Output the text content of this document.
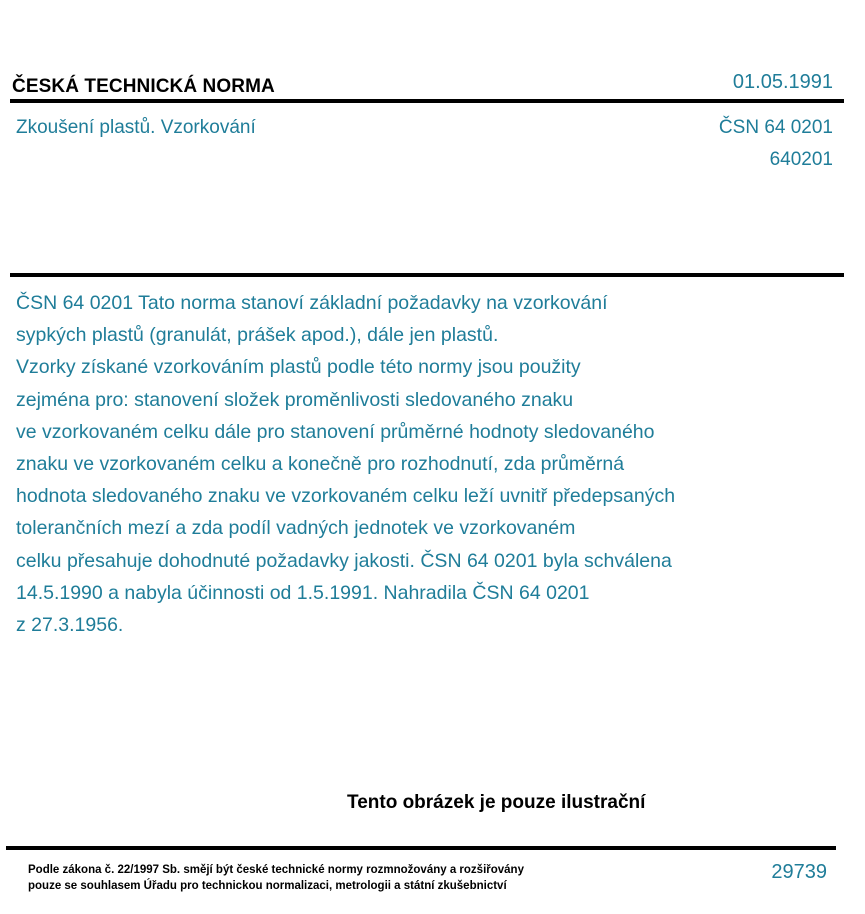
ČESKÁ TECHNICKÁ NORMA	01.05.1991
Zkoušení plastů. Vzorkování	ČSN 64 0201
640201
ČSN 64 0201 Tato norma stanoví základní požadavky na vzorkování
sypkých plastů (granulát, prášek apod.), dále jen plastů.
Vzorky získané vzorkováním plastů podle této normy jsou použity
zejména pro: stanovení složek proměnlivosti sledovaného znaku
ve vzorkovaném celku dále pro stanovení průměrné hodnoty sledovaného
znaku ve vzorkovaném celku a konečně pro rozhodnutí, zda průměrná
hodnota sledovaného znaku ve vzorkovaném celku leží uvnitř předepsaných
tolerančních mezí a zda podíl vadných jednotek ve vzorkovaném
celku přesahuje dohodnuté požadavky jakosti. ČSN 64 0201 byla schválena
14.5.1990 a nabyla účinnosti od 1.5.1991. Nahradila ČSN 64 0201
z 27.3.1956.
Tento obrázek je pouze ilustrační
Podle zákona č. 22/1997 Sb. smějí být české technické normy rozmnožovány a rozšiřovány
pouze se souhlasem Úřadu pro technickou normalizaci, metrologii a státní zkušebnictví
29739
